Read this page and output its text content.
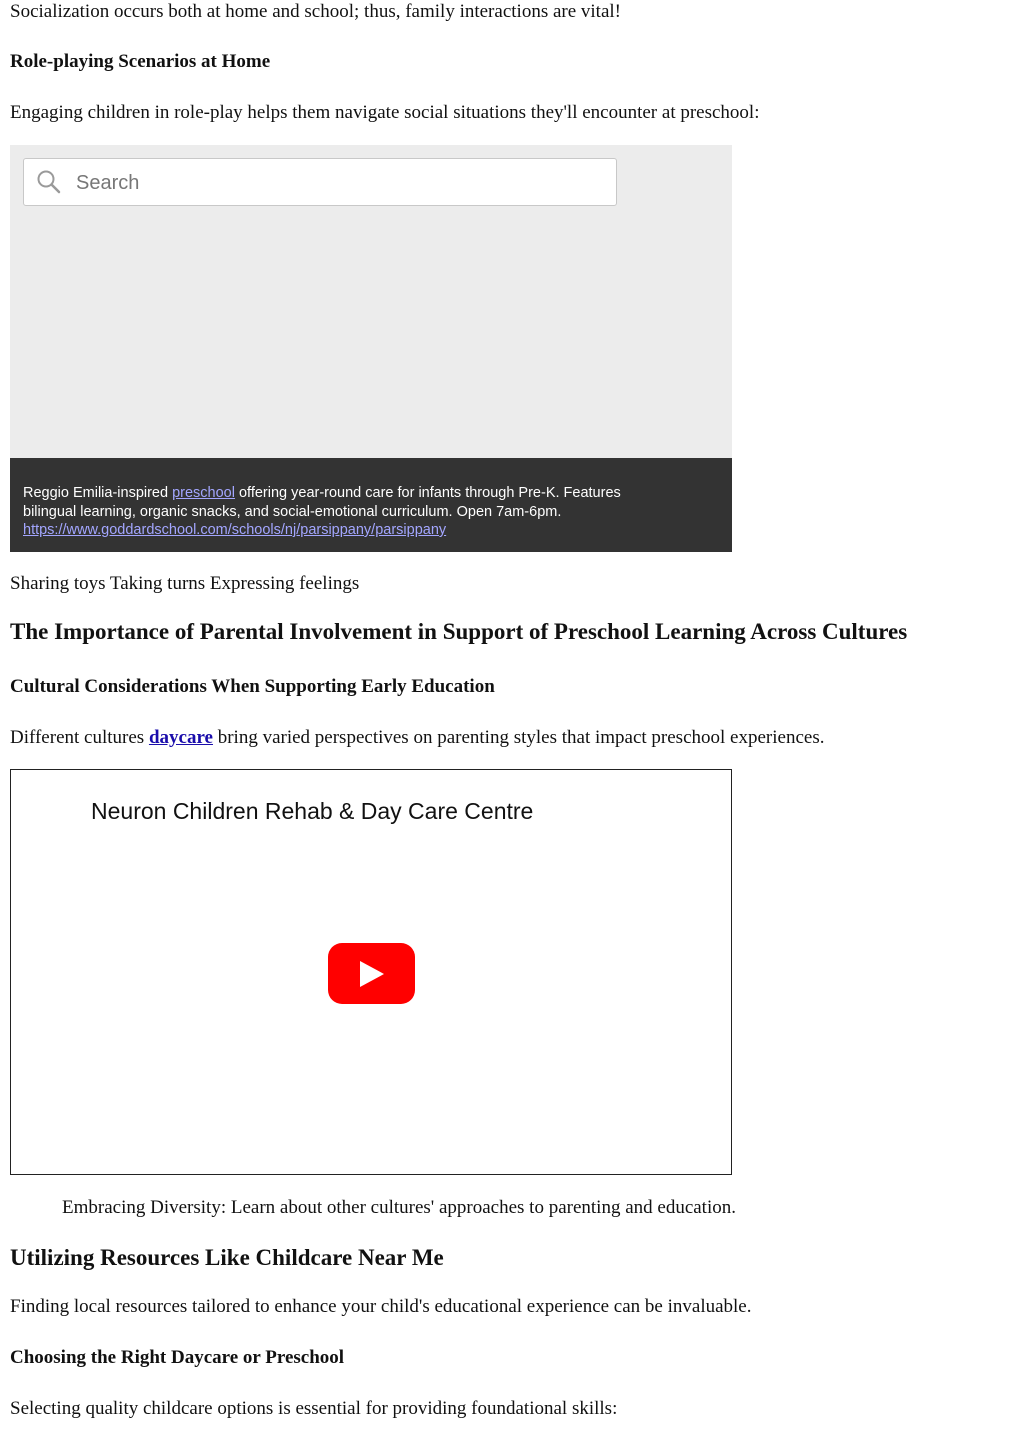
Socialization occurs both at home and school; thus, family interactions are vital!

Role-playing Scenarios at Home

Engaging children in role-play helps them navigate social situations they'll encounter at preschool:

Search
Reggio Emilia-inspired preschool offering year-round care for infants through Pre-K. Features
bilingual learning, organic snacks, and social-emotional curriculum. Open 7am-6pm.
https://www.goddardschool.com/schools/nj/parsippany/parsippany

Sharing toys Taking turns Expressing feelings

The Importance of Parental Involvement in Support of Preschool Learning Across Cultures
Cultural Considerations When Supporting Early Education

Different cultures daycare bring varied perspectives on parenting styles that impact preschool experiences.

Neuron Children Rehab & Day Care Centre

Embracing Diversity: Learn about other cultures' approaches to parenting and education.

Utilizing Resources Like Childcare Near Me

Finding local resources tailored to enhance your child's educational experience can be invaluable.

Choosing the Right Daycare or Preschool

Selecting quality childcare options is essential for providing foundational skills:
